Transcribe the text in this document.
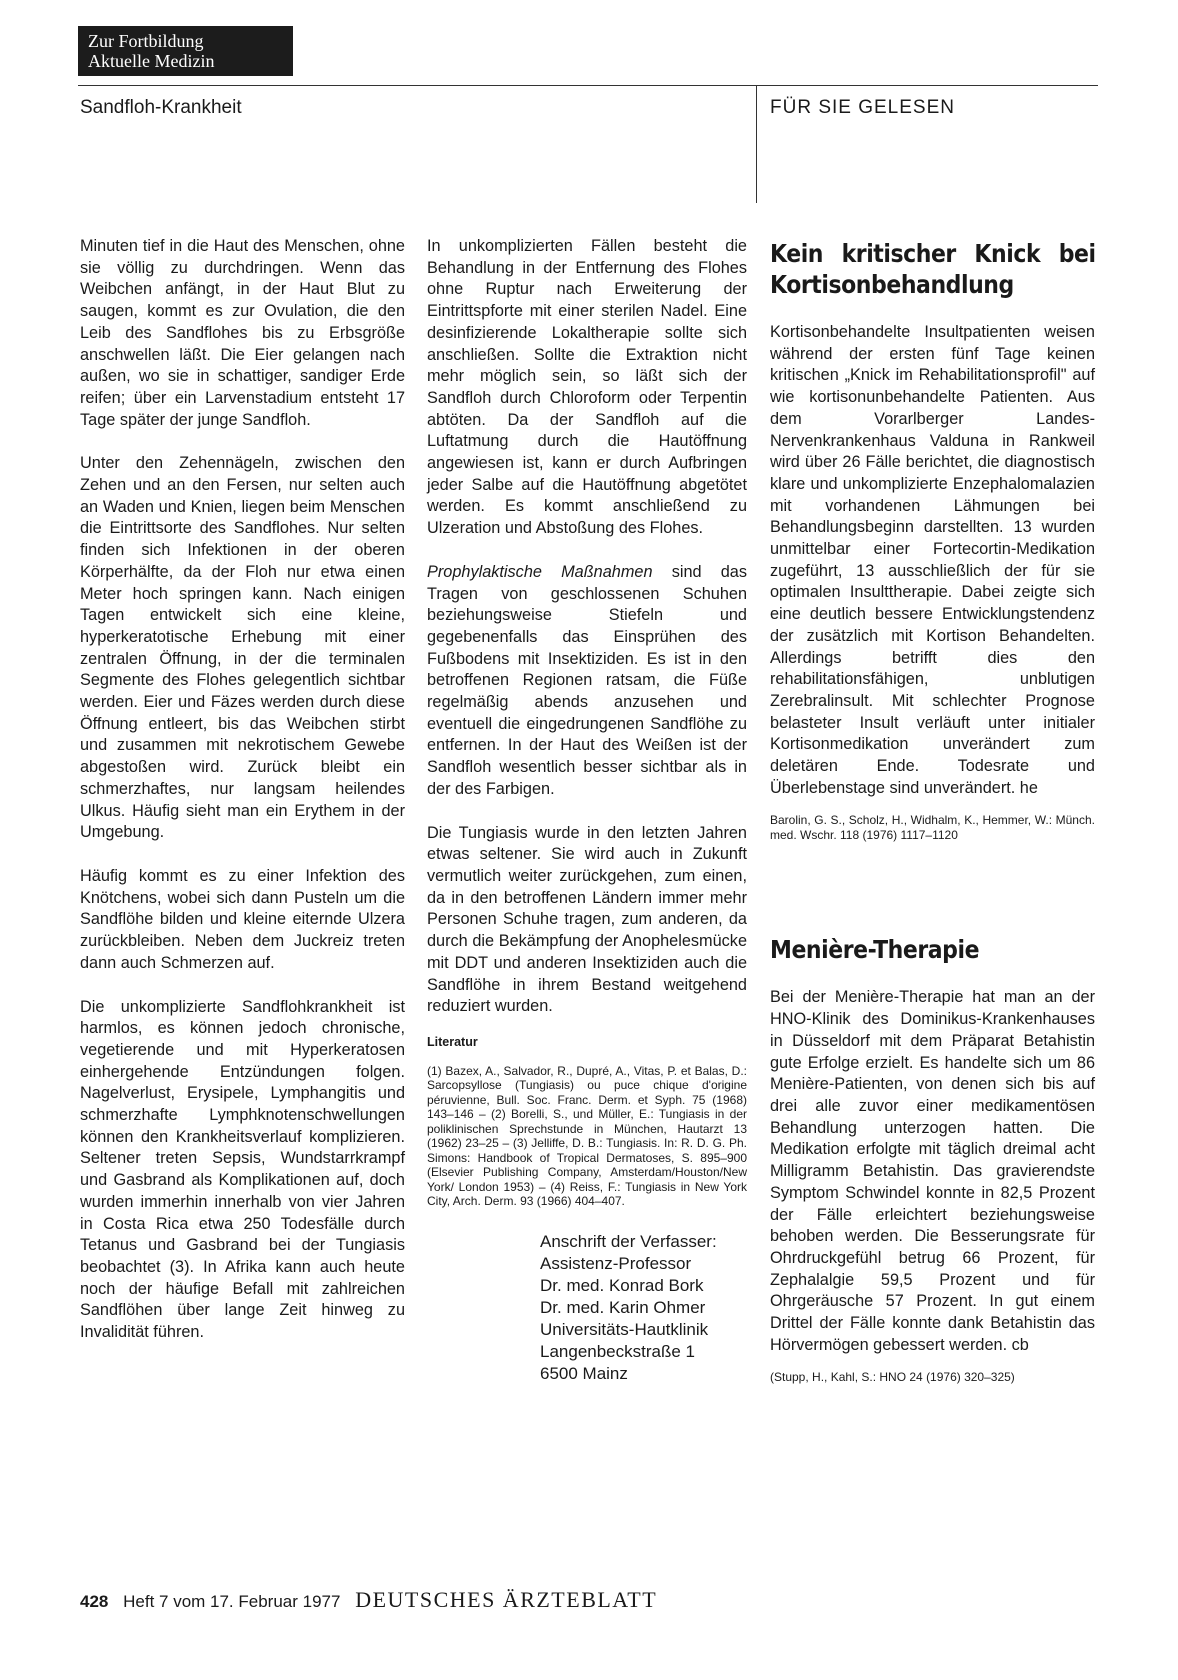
Zur Fortbildung
Aktuelle Medizin
Sandfloh-Krankheit	FÜR SIE GELESEN

Minuten tief in die Haut des Menschen, ohne sie völlig zu durchdringen. Wenn das Weibchen anfängt, in der Haut Blut zu saugen, kommt es zur Ovulation, die den Leib des Sandflohes bis zu Erbsgröße anschwellen läßt. Die Eier gelangen nach außen, wo sie in schattiger, sandiger Erde reifen; über ein Larvenstadium entsteht 17 Tage später der junge Sandfloh.

Unter den Zehennägeln, zwischen den Zehen und an den Fersen, nur selten auch an Waden und Knien, liegen beim Menschen die Eintrittsorte des Sandflohes. Nur selten finden sich Infektionen in der oberen Körperhälfte, da der Floh nur etwa einen Meter hoch springen kann. Nach einigen Tagen entwickelt sich eine kleine, hyperkeratotische Erhebung mit einer zentralen Öffnung, in der die terminalen Segmente des Flohes gelegentlich sichtbar werden. Eier und Fäzes werden durch diese Öffnung entleert, bis das Weibchen stirbt und zusammen mit nekrotischem Gewebe abgestoßen wird. Zurück bleibt ein schmerzhaftes, nur langsam heilendes Ulkus. Häufig sieht man ein Erythem in der Umgebung.

Häufig kommt es zu einer Infektion des Knötchens, wobei sich dann Pusteln um die Sandflöhe bilden und kleine eiternde Ulzera zurückbleiben. Neben dem Juckreiz treten dann auch Schmerzen auf.

Die unkomplizierte Sandflohkrankheit ist harmlos, es können jedoch chronische, vegetierende und mit Hyperkeratosen einhergehende Entzündungen folgen. Nagelverlust, Erysipele, Lymphangitis und schmerzhafte Lymphknotenschwellungen können den Krankheitsverlauf komplizieren. Seltener treten Sepsis, Wundstarrkrampf und Gasbrand als Komplikationen auf, doch wurden immerhin innerhalb von vier Jahren in Costa Rica etwa 250 Todesfälle durch Tetanus und Gasbrand bei der Tungiasis beobachtet (3). In Afrika kann auch heute noch der häufige Befall mit zahlreichen Sandflöhen über lange Zeit hinweg zu Invalidität führen.

In unkomplizierten Fällen besteht die Behandlung in der Entfernung des Flohes ohne Ruptur nach Erweiterung der Eintrittspforte mit einer sterilen Nadel. Eine desinfizierende Lokaltherapie sollte sich anschließen. Sollte die Extraktion nicht mehr möglich sein, so läßt sich der Sandfloh durch Chloroform oder Terpentin abtöten. Da der Sandfloh auf die Luftatmung durch die Hautöffnung angewiesen ist, kann er durch Aufbringen jeder Salbe auf die Hautöffnung abgetötet werden. Es kommt anschließend zu Ulzeration und Abstoßung des Flohes.

Prophylaktische Maßnahmen sind das Tragen von geschlossenen Schuhen beziehungsweise Stiefeln und gegebenenfalls das Einsprühen des Fußbodens mit Insektiziden. Es ist in den betroffenen Regionen ratsam, die Füße regelmäßig abends anzusehen und eventuell die eingedrungenen Sandflöhe zu entfernen. In der Haut des Weißen ist der Sandfloh wesentlich besser sichtbar als in der des Farbigen.

Die Tungiasis wurde in den letzten Jahren etwas seltener. Sie wird auch in Zukunft vermutlich weiter zurückgehen, zum einen, da in den betroffenen Ländern immer mehr Personen Schuhe tragen, zum anderen, da durch die Bekämpfung der Anophelesmücke mit DDT und anderen Insektiziden auch die Sandflöhe in ihrem Bestand weitgehend reduziert wurden.

Literatur

(1) Bazex, A., Salvador, R., Dupré, A., Vitas, P. et Balas, D.: Sarcopsyllose (Tungiasis) ou puce chique d'origine péruvienne, Bull. Soc. Franc. Derm. et Syph. 75 (1968) 143–146 – (2) Borelli, S., und Müller, E.: Tungiasis in der poliklinischen Sprechstunde in München, Hautarzt 13 (1962) 23–25 – (3) Jelliffe, D. B.: Tungiasis. In: R. D. G. Ph. Simons: Handbook of Tropical Dermatoses, S. 895–900 (Elsevier Publishing Company, Amsterdam/Houston/New York/ London 1953) – (4) Reiss, F.: Tungiasis in New York City, Arch. Derm. 93 (1966) 404–407.

Anschrift der Verfasser:
Assistenz-Professor
Dr. med. Konrad Bork
Dr. med. Karin Ohmer
Universitäts-Hautklinik
Langenbeckstraße 1
6500 Mainz
Kein kritischer Knick bei Kortisonbehandlung

Kortisonbehandelte Insultpatienten weisen während der ersten fünf Tage keinen kritischen „Knick im Rehabilitationsprofil" auf wie kortisonunbehandelte Patienten. Aus dem Vorarlberger Landes-Nervenkrankenhaus Valduna in Rankweil wird über 26 Fälle berichtet, die diagnostisch klare und unkomplizierte Enzephalomalazien mit vorhandenen Lähmungen bei Behandlungsbeginn darstellten. 13 wurden unmittelbar einer Fortecortin-Medikation zugeführt, 13 ausschließlich der für sie optimalen Insulttherapie. Dabei zeigte sich eine deutlich bessere Entwicklungstendenz der zusätzlich mit Kortison Behandelten. Allerdings betrifft dies den rehabilitationsfähigen, unblutigen Zerebralinsult. Mit schlechter Prognose belasteter Insult verläuft unter initialer Kortisonmedikation unverändert zum deletären Ende. Todesrate und Überlebenstage sind unverändert. he

Barolin, G. S., Scholz, H., Widhalm, K., Hemmer, W.: Münch. med. Wschr. 118 (1976) 1117–1120

Menière-Therapie

Bei der Menière-Therapie hat man an der HNO-Klinik des Dominikus-Krankenhauses in Düsseldorf mit dem Präparat Betahistin gute Erfolge erzielt. Es handelte sich um 86 Menière-Patienten, von denen sich bis auf drei alle zuvor einer medikamentösen Behandlung unterzogen hatten. Die Medikation erfolgte mit täglich dreimal acht Milligramm Betahistin. Das gravierendste Symptom Schwindel konnte in 82,5 Prozent der Fälle erleichtert beziehungsweise behoben werden. Die Besserungsrate für Ohrdruckgefühl betrug 66 Prozent, für Zephalalgie 59,5 Prozent und für Ohrgeräusche 57 Prozent. In gut einem Drittel der Fälle konnte dank Betahistin das Hörvermögen gebessert werden. cb

(Stupp, H., Kahl, S.: HNO 24 (1976) 320–325)

428 Heft 7 vom 17. Februar 1977 DEUTSCHES ÄRZTEBLATT
